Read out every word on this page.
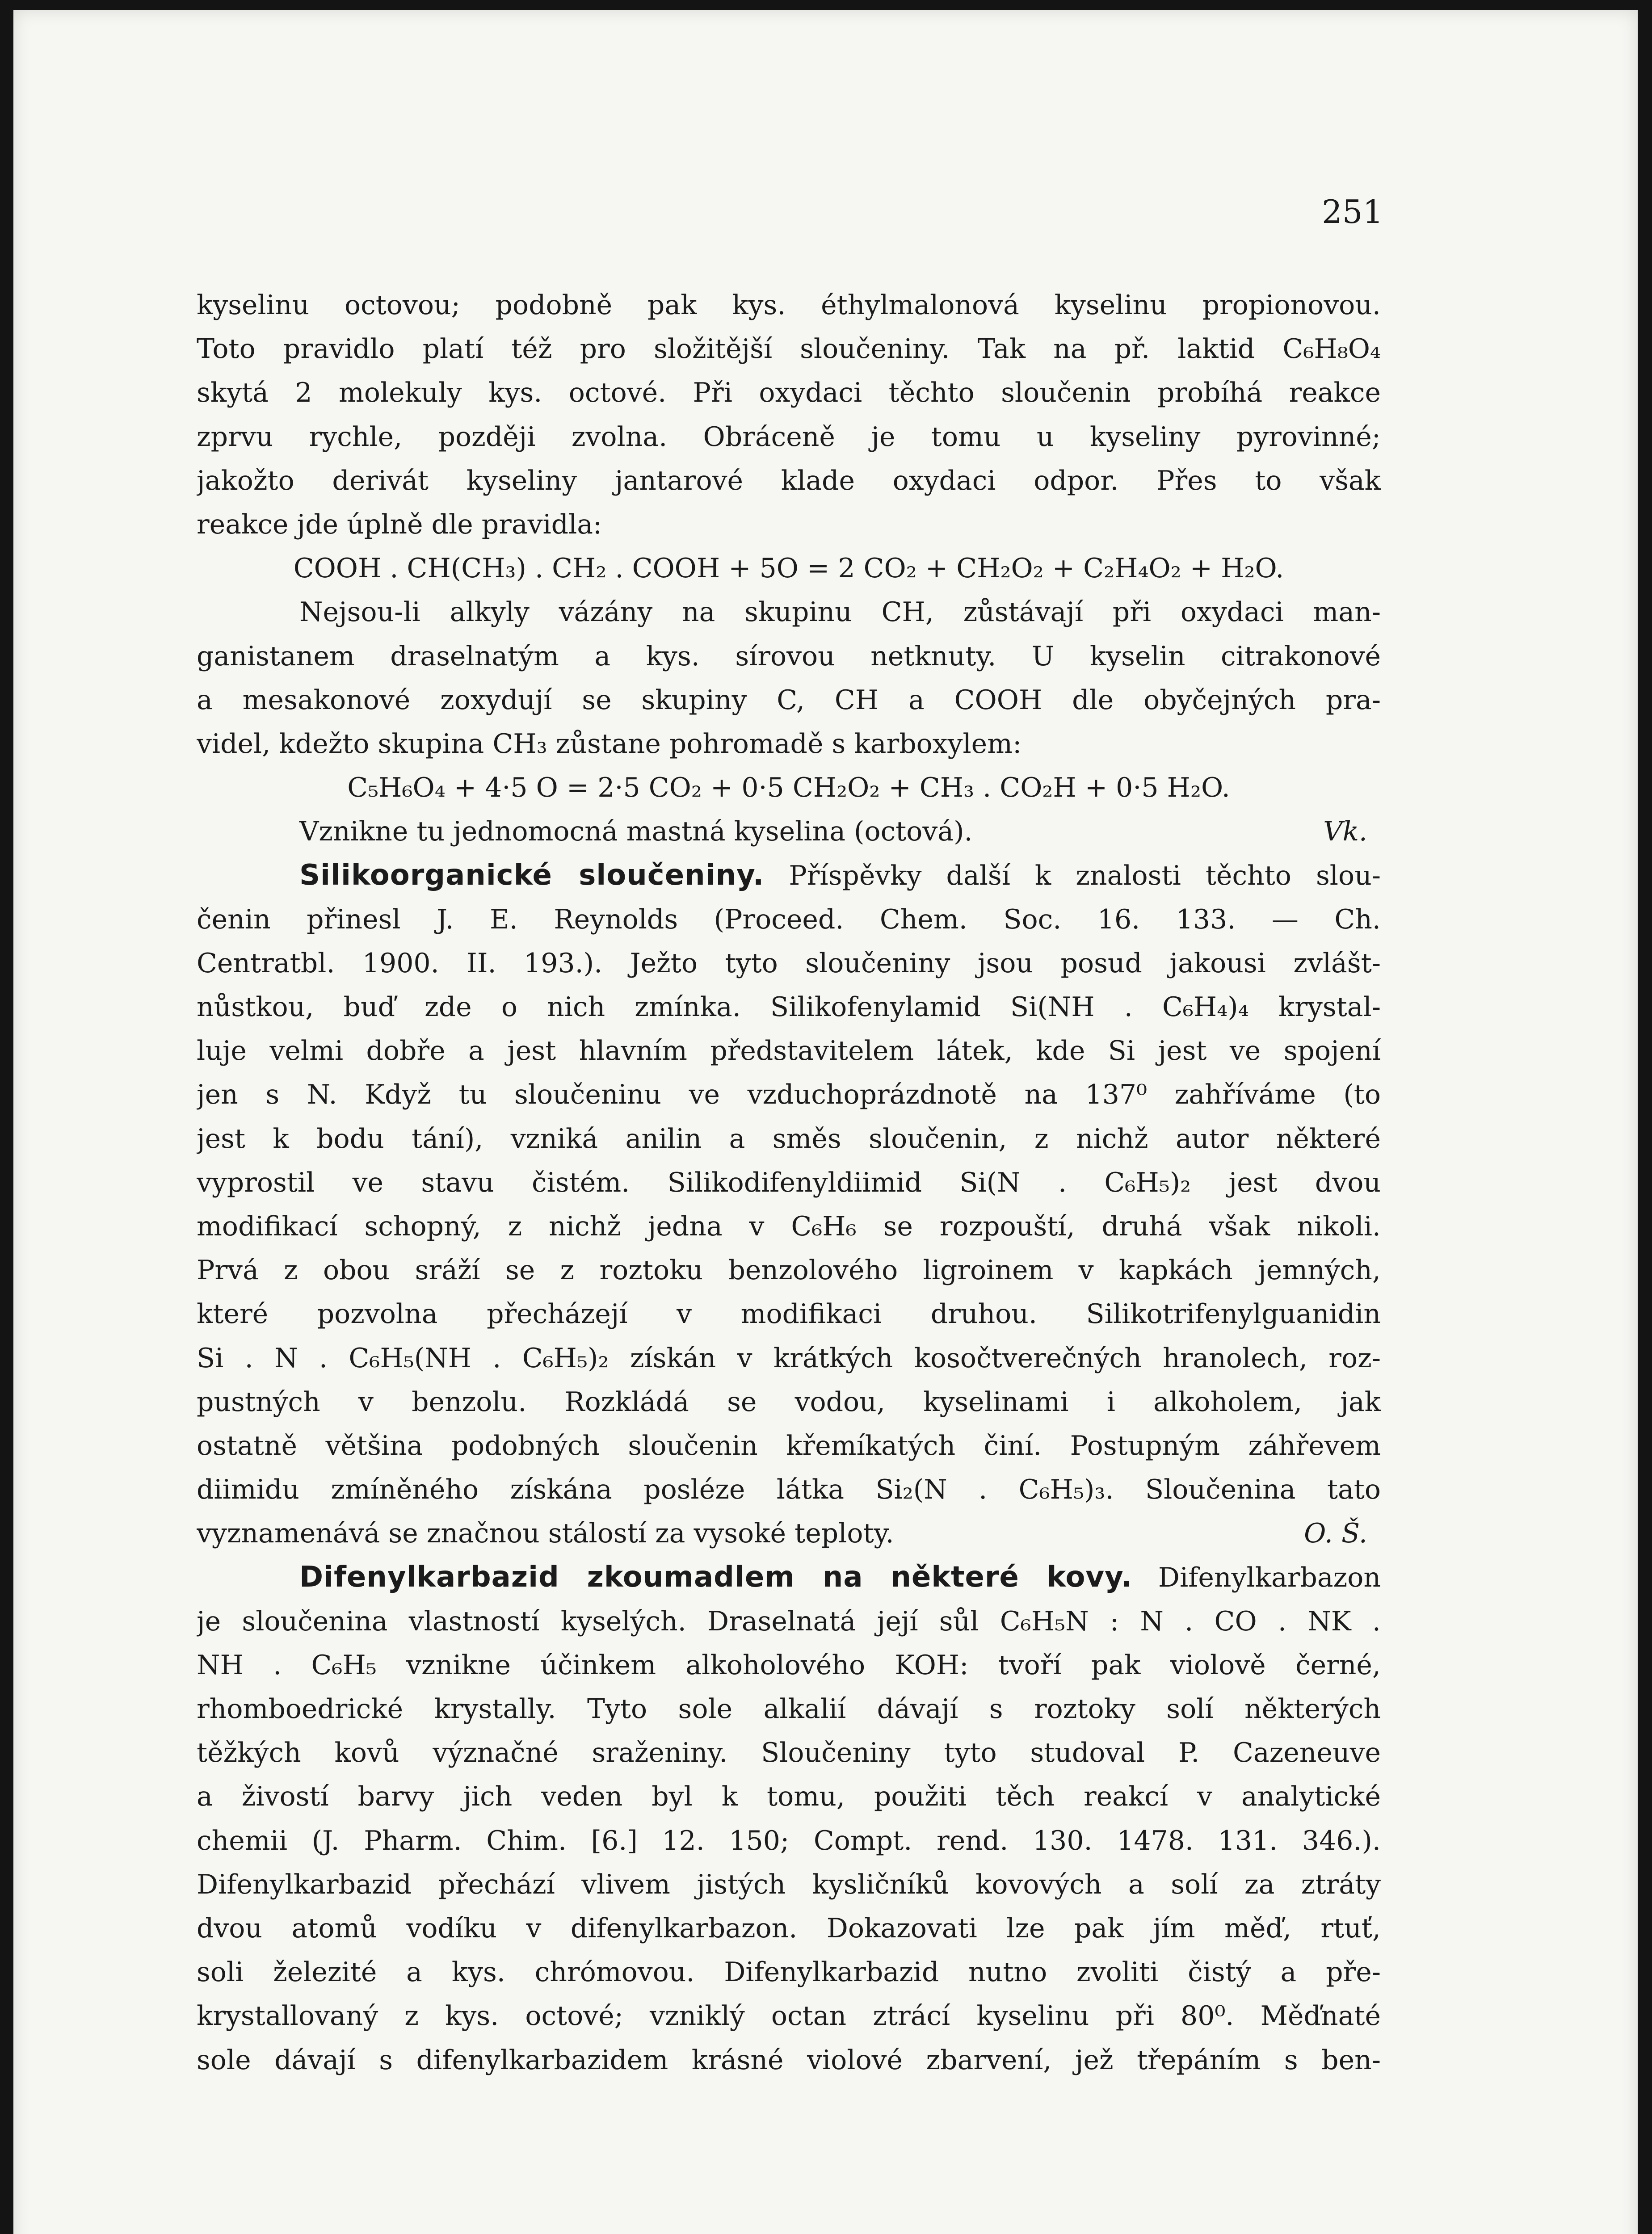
251
kyselinu octovou; podobně pak kys. éthylmalonová kyselinu propionovou.
Toto pravidlo platí též pro složitější sloučeniny. Tak na př. laktid C₆H₈O₄
skytá 2 molekuly kys. octové. Při oxydaci těchto sloučenin probíhá reakce
zprvu rychle, později zvolna. Obráceně je tomu u kyseliny pyrovinné;
jakožto derivát kyseliny jantarové klade oxydaci odpor. Přes to však
reakce jde úplně dle pravidla:
COOH . CH(CH₃) . CH₂ . COOH + 5O = 2 CO₂ + CH₂O₂ + C₂H₄O₂ + H₂O.
Nejsou-li alkyly vázány na skupinu CH, zůstávají při oxydaci man-
ganistanem draselnatým a kys. sírovou netknuty. U kyselin citrakonové
a mesakonové zoxydují se skupiny C, CH a COOH dle obyčejných pra-
videl, kdežto skupina CH₃ zůstane pohromadě s karboxylem:
C₅H₆O₄ + 4·5 O = 2·5 CO₂ + 0·5 CH₂O₂ + CH₃ . CO₂H + 0·5 H₂O.
Vznikne tu jednomocná mastná kyselina (octová).	Vk.
Silikoorganické sloučeniny. Příspěvky další k znalosti těchto slou-
čenin přinesl J. E. Reynolds (Proceed. Chem. Soc. 16. 133. — Ch.
Centratbl. 1900. II. 193.). Ježto tyto sloučeniny jsou posud jakousi zvlášt-
nůstkou, buď zde o nich zmínka. Silikofenylamid Si(NH . C₆H₄)₄ krystal-
luje velmi dobře a jest hlavním představitelem látek, kde Si jest ve spojení
jen s N. Když tu sloučeninu ve vzduchoprázdnotě na 137⁰ zahříváme (to
jest k bodu tání), vzniká anilin a směs sloučenin, z nichž autor některé
vyprostil ve stavu čistém. Silikodifenyldiimid Si(N . C₆H₅)₂ jest dvou
modifikací schopný, z nichž jedna v C₆H₆ se rozpouští, druhá však nikoli.
Prvá z obou sráží se z roztoku benzolového ligroinem v kapkách jemných,
které pozvolna přecházejí v modifikaci druhou. Silikotrifenylguanidin
Si . N . C₆H₅(NH . C₆H₅)₂ získán v krátkých kosočtverečných hranolech, roz-
pustných v benzolu. Rozkládá se vodou, kyselinami i alkoholem, jak
ostatně většina podobných sloučenin křemíkatých činí. Postupným záhřevem
diimidu zmíněného získána posléze látka Si₂(N . C₆H₅)₃. Sloučenina tato
vyznamenává se značnou stálostí za vysoké teploty.	O. Š.
Difenylkarbazid zkoumadlem na některé kovy. Difenylkarbazon
je sloučenina vlastností kyselých. Draselnatá její sůl C₆H₅N : N . CO . NK .
NH . C₆H₅ vznikne účinkem alkoholového KOH: tvoří pak violově černé,
rhomboedrické krystally. Tyto sole alkalií dávají s roztoky solí některých
těžkých kovů význačné sraženiny. Sloučeniny tyto studoval P. Cazeneuve
a živostí barvy jich veden byl k tomu, použiti těch reakcí v analytické
chemii (J. Pharm. Chim. [6.] 12. 150; Compt. rend. 130. 1478. 131. 346.).
Difenylkarbazid přechází vlivem jistých kysličníků kovových a solí za ztráty
dvou atomů vodíku v difenylkarbazon. Dokazovati lze pak jím měď, rtuť,
soli železité a kys. chrómovou. Difenylkarbazid nutno zvoliti čistý a pře-
krystallovaný z kys. octové; vzniklý octan ztrácí kyselinu při 80⁰. Měďnaté
sole dávají s difenylkarbazidem krásné violové zbarvení, jež třepáním s ben-
